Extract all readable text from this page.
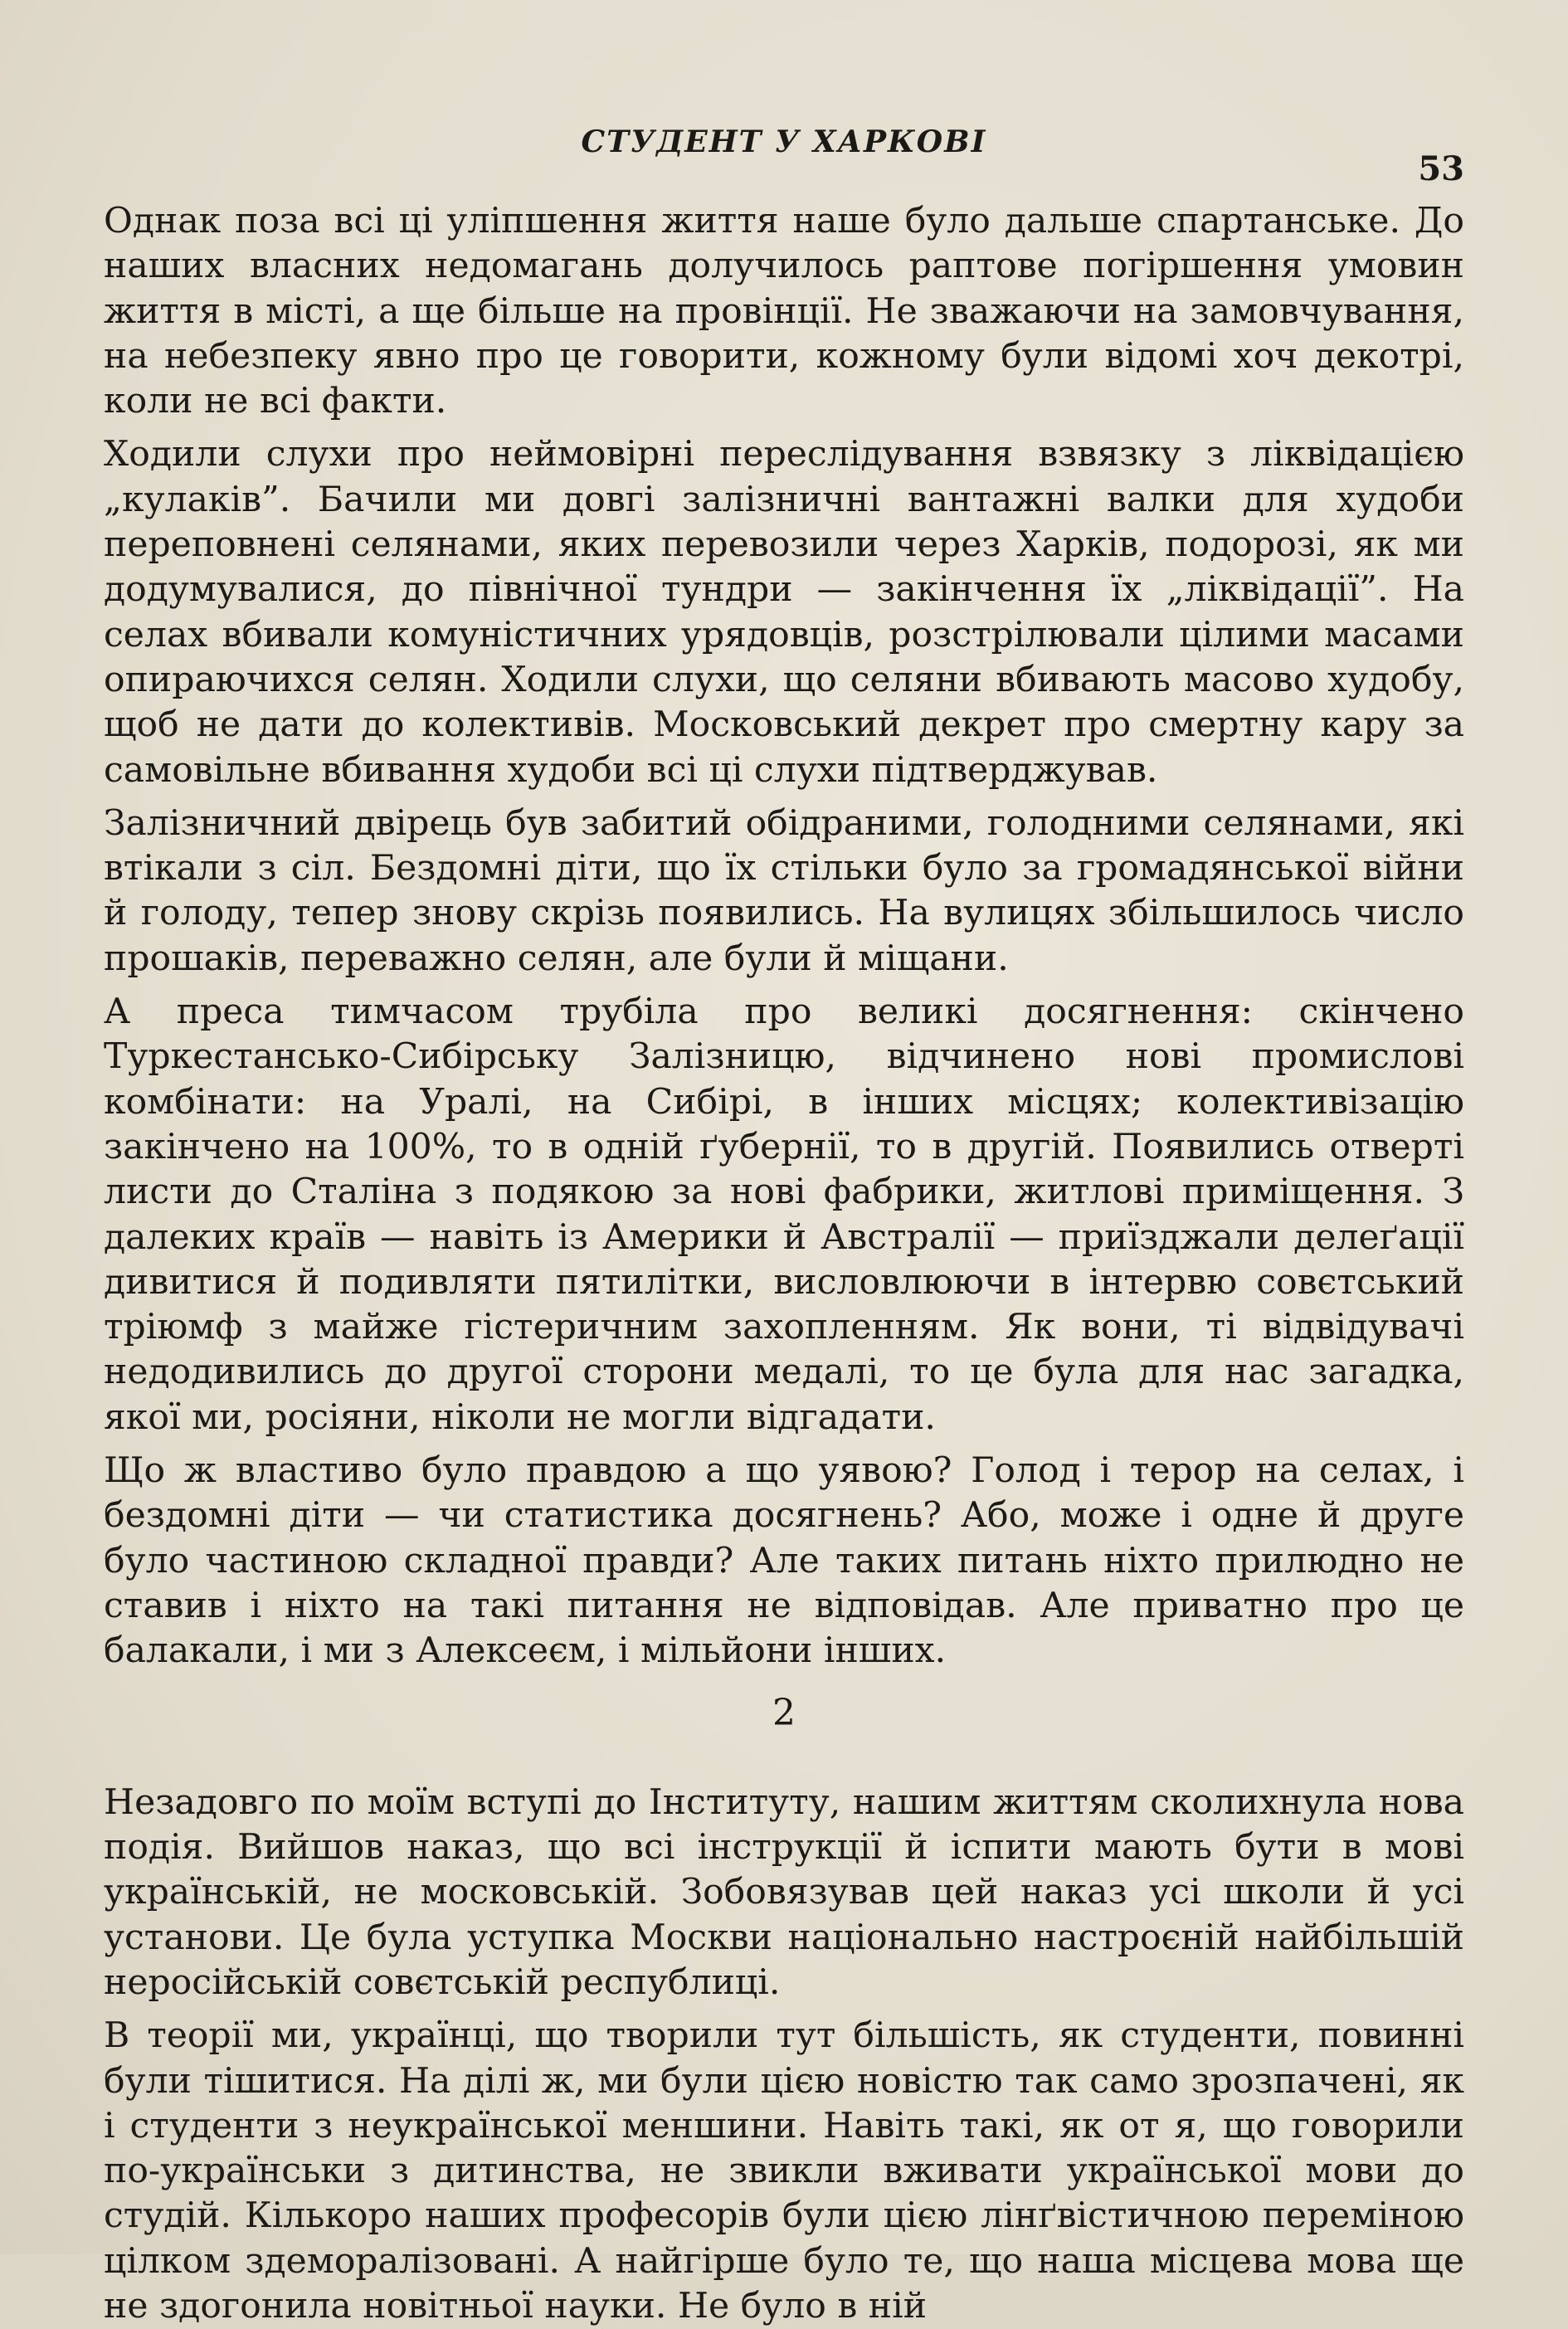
СТУДЕНТ У ХАРКОВІ
53

Однак поза всі ці уліпшення життя наше було дальше спартанське. До наших власних недомагань долучилось раптове погіршення умовин життя в місті, а ще більше на провінції. Не зважаючи на замовчування, на небезпеку явно про це говорити, кожному були відомі хоч декотрі, коли не всі факти.

Ходили слухи про неймовірні переслідування взвязку з ліквідацією „кулаків”. Бачили ми довгі залізничні вантажні валки для худоби переповнені селянами, яких перевозили через Харків, подорозі, як ми додумувалися, до північної тундри — закінчення їх „ліквідації”. На селах вбивали комуністичних урядовців, розстрілювали цілими масами опираючихся селян. Ходили слухи, що селяни вбивають масово худобу, щоб не дати до колективів. Московський декрет про смертну кару за самовільне вбивання худоби всі ці слухи підтверджував.

Залізничний двірець був забитий обідраними, голодними селянами, які втікали з сіл. Бездомні діти, що їх стільки було за громадянської війни й голоду, тепер знову скрізь появились. На вулицях збільшилось число прошаків, переважно селян, але були й міщани.

А преса тимчасом трубіла про великі досягнення: скінчено Туркестансько-Сибірську Залізницю, відчинено нові промислові комбінати: на Уралі, на Сибірі, в інших місцях; колективізацію закінчено на 100%, то в одній ґубернії, то в другій. Появились отверті листи до Сталіна з подякою за нові фабрики, житлові приміщення. З далеких країв — навіть із Америки й Австралії — приїзджали делеґації дивитися й подивляти пятилітки, висловлюючи в інтервю совєтський тріюмф з майже гістеричним захопленням. Як вони, ті відвідувачі недодивились до другої сторони медалі, то це була для нас загадка, якої ми, росіяни, ніколи не могли відгадати.

Що ж властиво було правдою а що уявою? Голод і терор на селах, і бездомні діти — чи статистика досягнень? Або, може і одне й друге було частиною складної правди? Але таких питань ніхто прилюдно не ставив і ніхто на такі питання не відповідав. Але приватно про це балакали, і ми з Алексеєм, і мільйони інших.

2

Незадовго по моїм вступі до Інституту, нашим життям сколихнула нова подія. Вийшов наказ, що всі інструкції й іспити мають бути в мові українській, не московській. Зобовязував цей наказ усі школи й усі установи. Це була уступка Москви національно настроєній найбільшій неросійській совєтській республиці.

В теорії ми, українці, що творили тут більшість, як студенти, повинні були тішитися. На ділі ж, ми були цією новістю так само зрозпачені, як і студенти з неукраїнської меншини. Навіть такі, як от я, що говорили по-українськи з дитинства, не звикли вживати української мови до студій. Кількоро наших професорів були цією лінґвістичною переміною цілком здеморалізовані. А найгірше було те, що наша місцева мова ще не здогонила новітньої науки. Не було в ній
